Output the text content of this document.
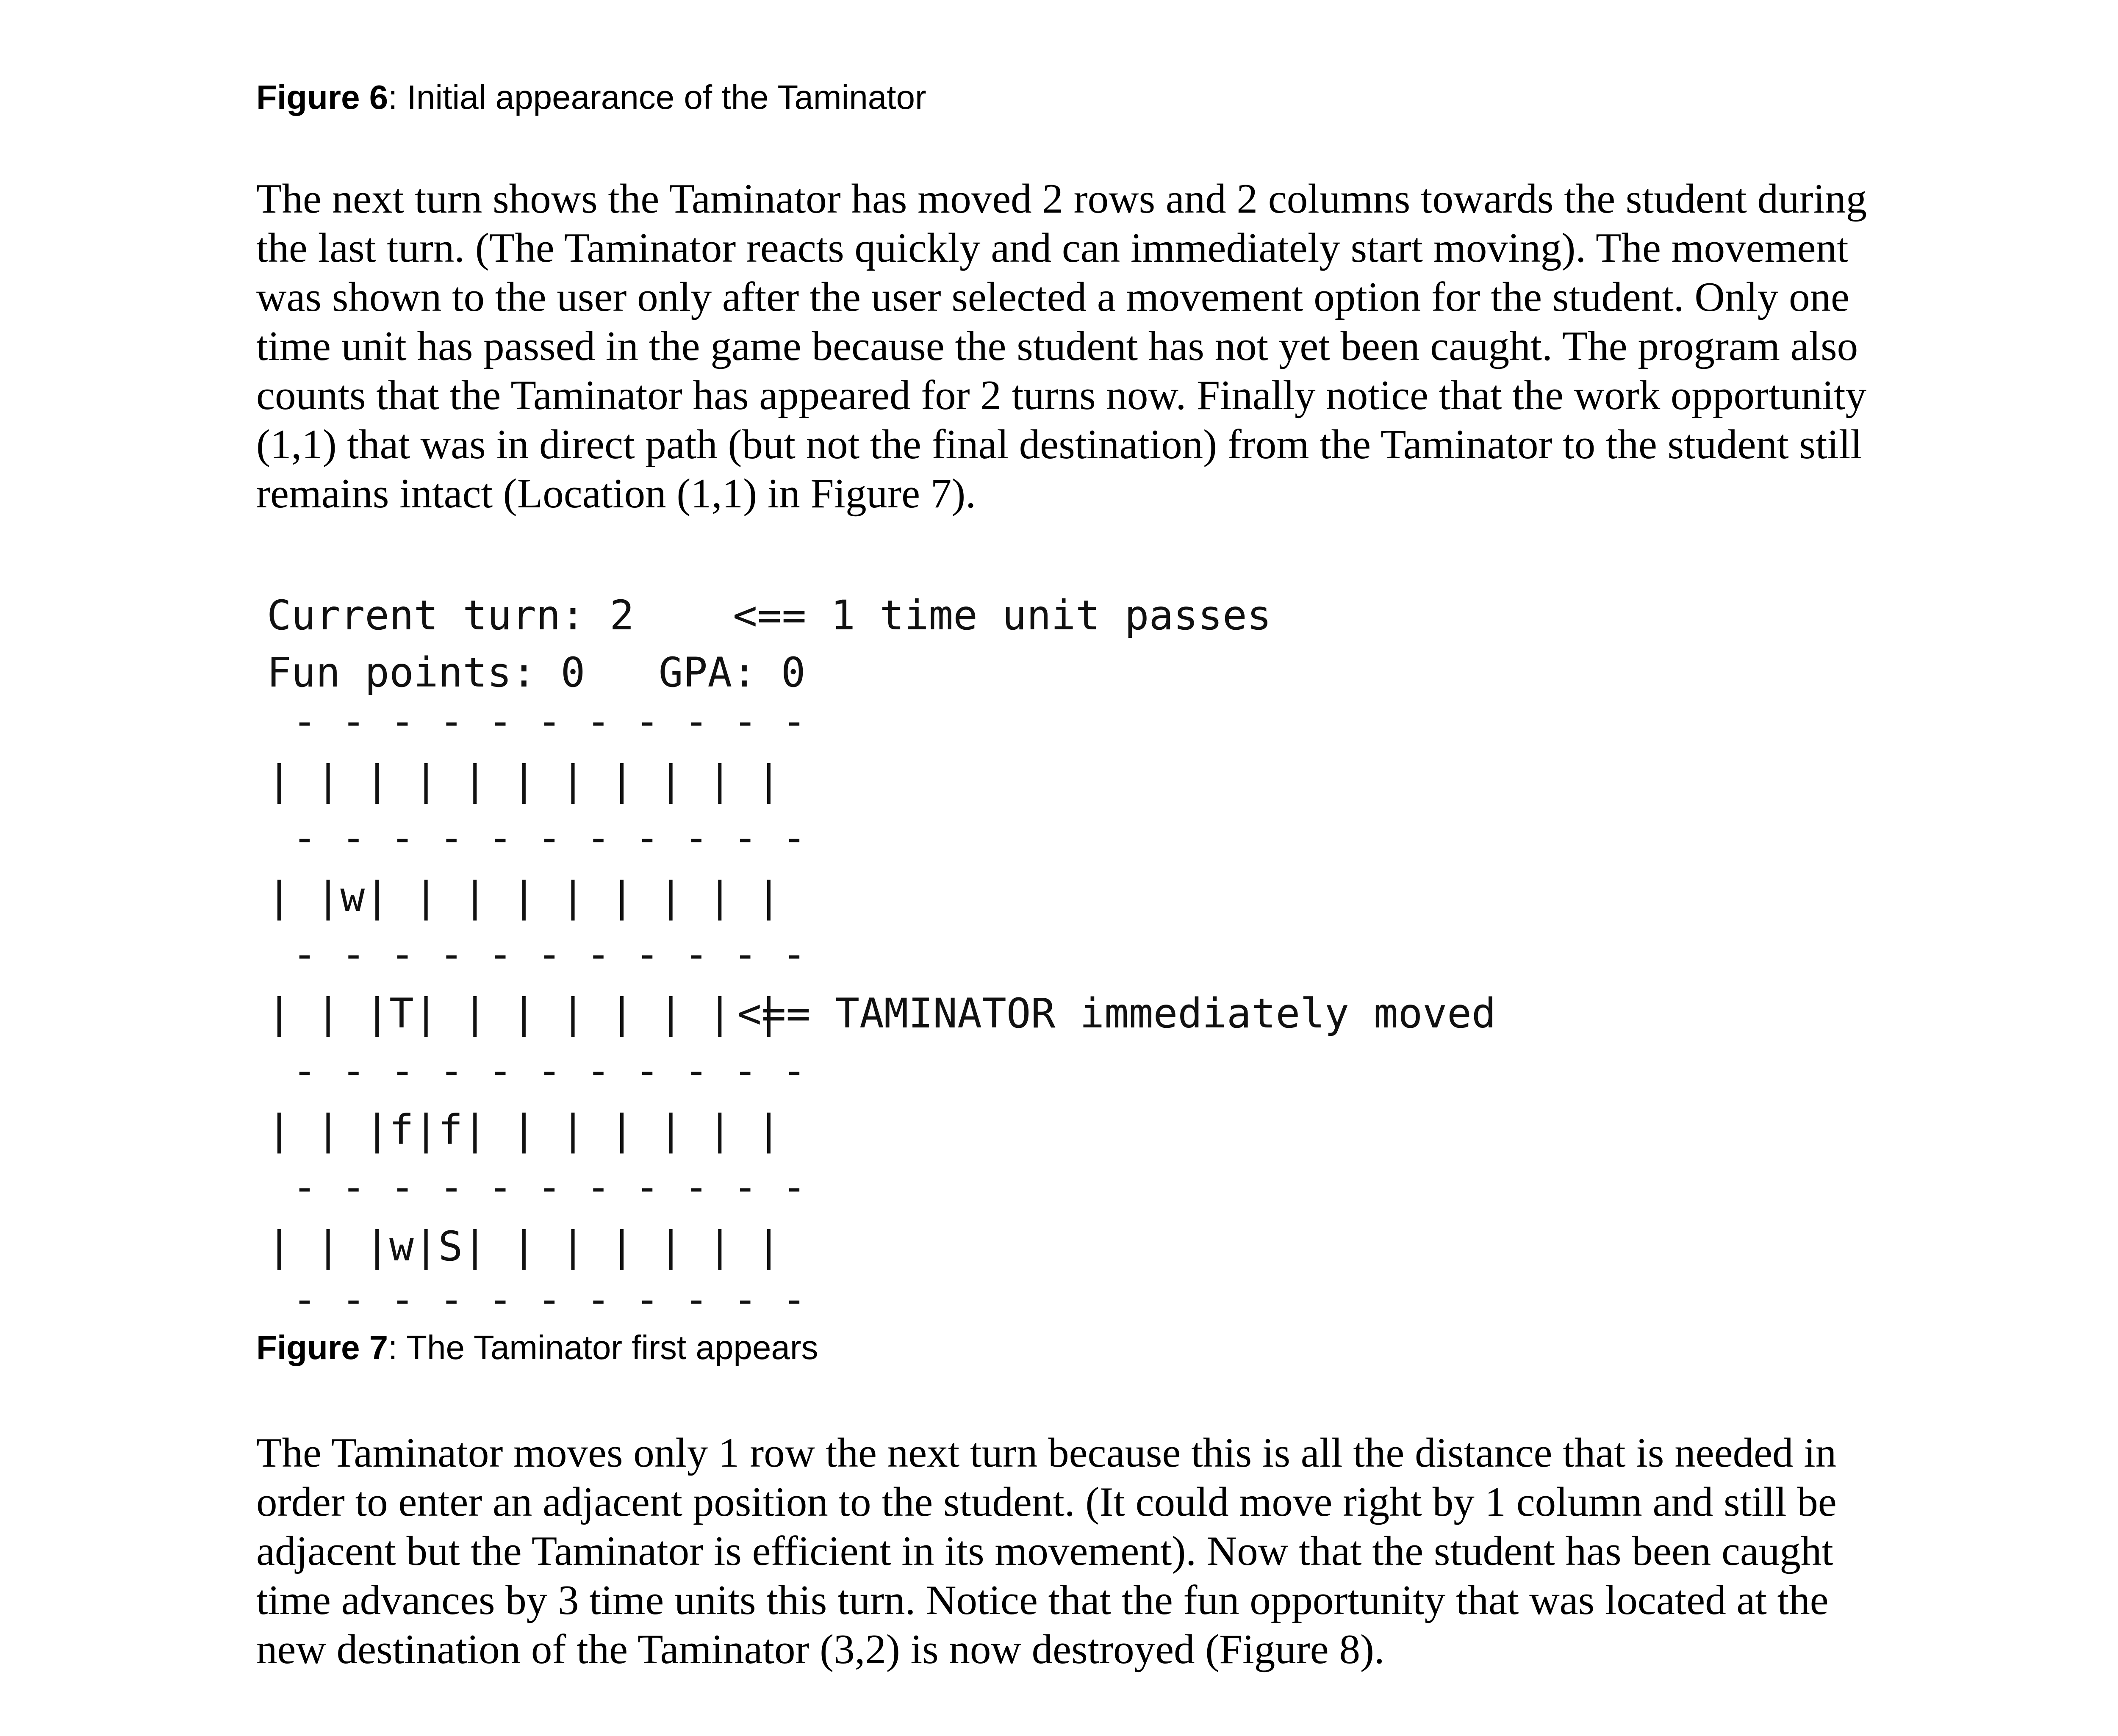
Figure 6: Initial appearance of the Taminator
The next turn shows the Taminator has moved 2 rows and 2 columns towards the student during
the last turn. (The Taminator reacts quickly and can immediately start moving). The movement
was shown to the user only after the user selected a movement option for the student. Only one
time unit has passed in the game because the student has not yet been caught. The program also
counts that the Taminator has appeared for 2 turns now. Finally notice that the work opportunity
(1,1) that was in direct path (but not the final destination) from the Taminator to the student still
remains intact (Location (1,1) in Figure 7).
Current turn: 2 <== 1 time unit passes
Fun points: 0   GPA: 0
- - - - - - - - - - -
| | | | | | | | | | |
- - - - - - - - - - -
| |w| | | | | | | | |
- - - - - - - - - - -
| | |T| | | | | | | |
<== TAMINATOR immediately moved
- - - - - - - - - - -
| | |f|f| | | | | | |
- - - - - - - - - - -
| | |w|S| | | | | | |
- - - - - - - - - - -
Figure 7: The Taminator first appears
The Taminator moves only 1 row the next turn because this is all the distance that is needed in
order to enter an adjacent position to the student. (It could move right by 1 column and still be
adjacent but the Taminator is efficient in its movement). Now that the student has been caught
time advances by 3 time units this turn. Notice that the fun opportunity that was located at the
new destination of the Taminator (3,2) is now destroyed (Figure 8).
